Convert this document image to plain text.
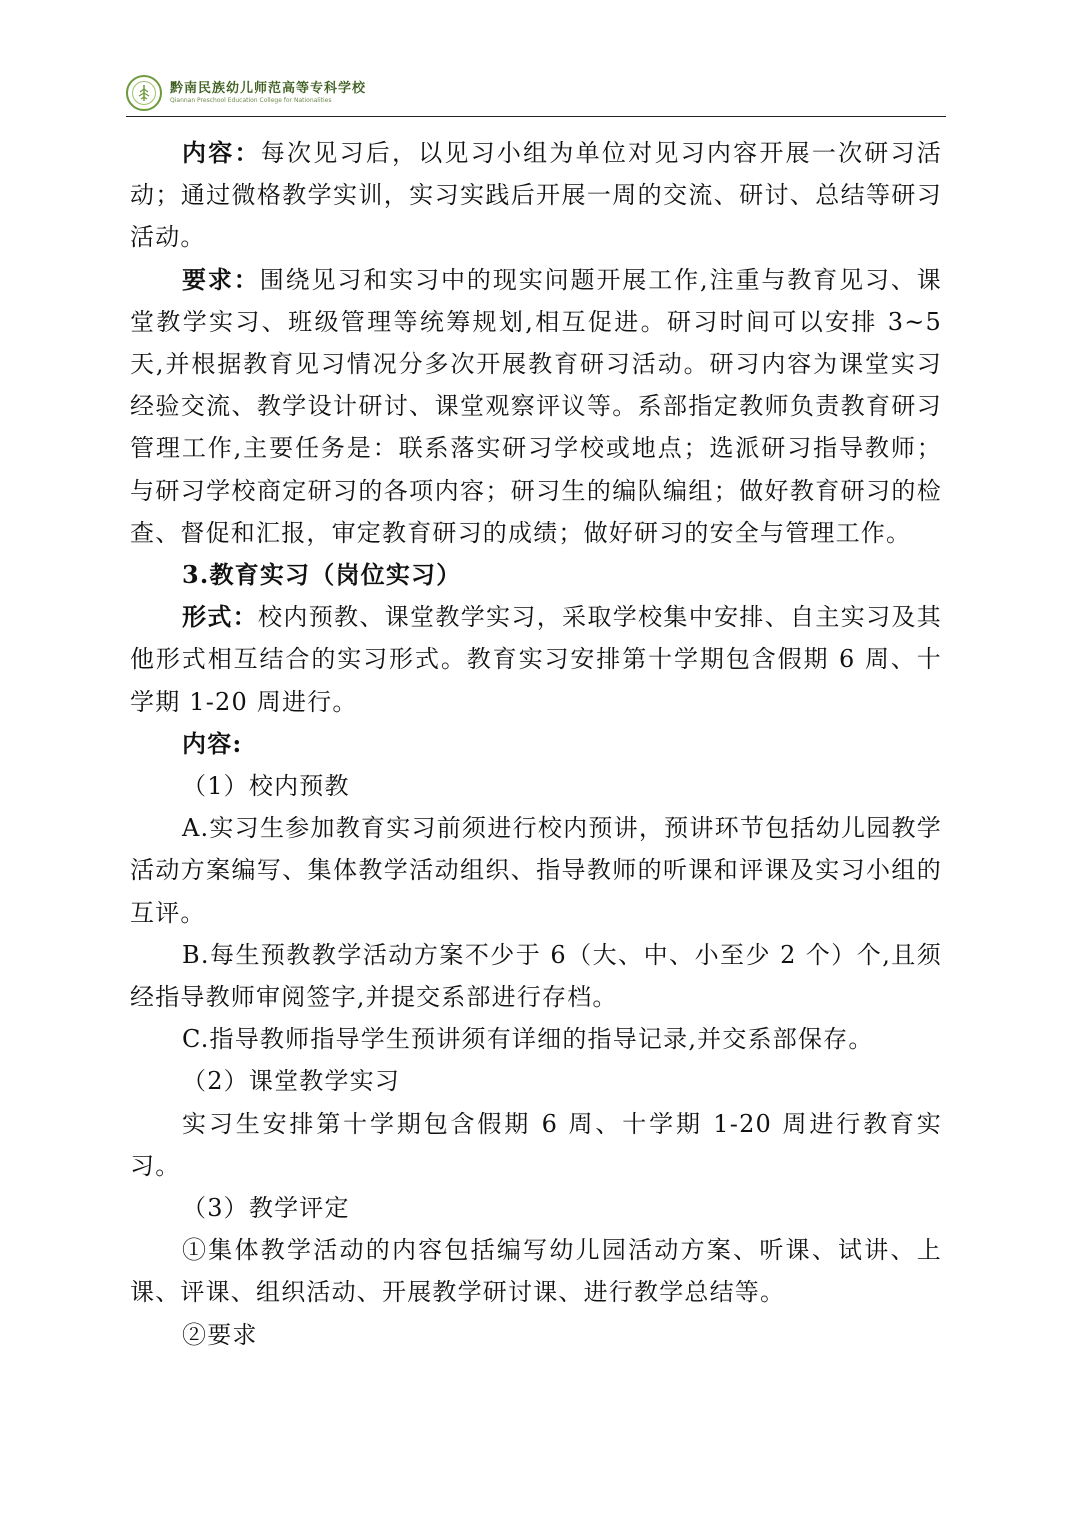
黔南民族幼儿师范高等专科学校
Qiannan Preschool Education College for Nationalities

内容：每次见习后，以见习小组为单位对见习内容开展一次研习活动；通过微格教学实训，实习实践后开展一周的交流、研讨、总结等研习活动。

要求：围绕见习和实习中的现实问题开展工作,注重与教育见习、课堂教学实习、班级管理等统筹规划,相互促进。研习时间可以安排 3~5 天,并根据教育见习情况分多次开展教育研习活动。研习内容为课堂实习经验交流、教学设计研讨、课堂观察评议等。系部指定教师负责教育研习管理工作,主要任务是：联系落实研习学校或地点；选派研习指导教师；与研习学校商定研习的各项内容；研习生的编队编组；做好教育研习的检查、督促和汇报，审定教育研习的成绩；做好研习的安全与管理工作。

3.教育实习（岗位实习）

形式：校内预教、课堂教学实习，采取学校集中安排、自主实习及其他形式相互结合的实习形式。教育实习安排第十学期包含假期 6 周、十学期 1-20 周进行。

内容:

（1）校内预教

A.实习生参加教育实习前须进行校内预讲，预讲环节包括幼儿园教学活动方案编写、集体教学活动组织、指导教师的听课和评课及实习小组的互评。

B.每生预教教学活动方案不少于 6（大、中、小至少 2 个）个,且须经指导教师审阅签字,并提交系部进行存档。

C.指导教师指导学生预讲须有详细的指导记录,并交系部保存。

（2）课堂教学实习

实习生安排第十学期包含假期 6 周、十学期 1-20 周进行教育实习。

（3）教学评定

①集体教学活动的内容包括编写幼儿园活动方案、听课、试讲、上课、评课、组织活动、开展教学研讨课、进行教学总结等。

②要求
